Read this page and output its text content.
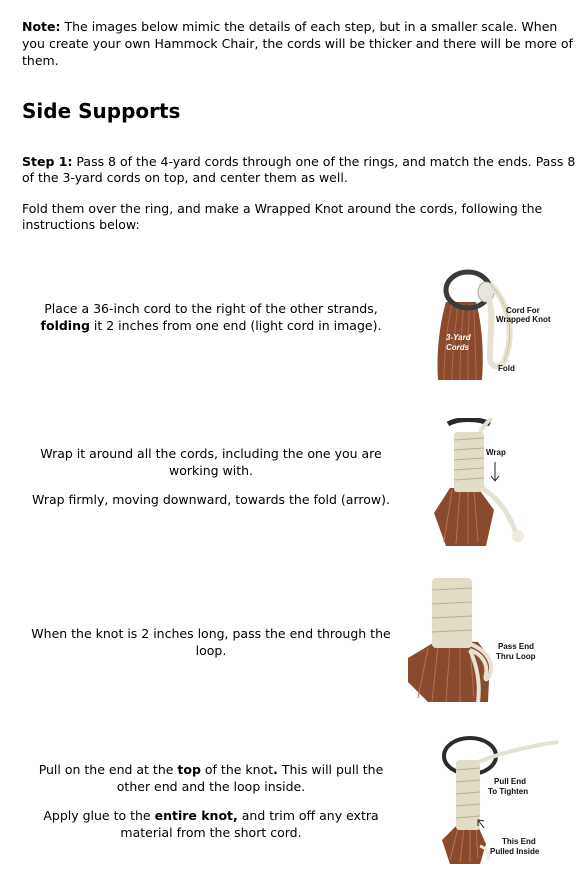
Note: The images below mimic the details of each step, but in a smaller scale. When you create your own Hammock Chair, the cords will be thicker and there will be more of them.

Side Supports

Step 1: Pass 8 of the 4-yard cords through one of the rings, and match the ends. Pass 8 of the 3-yard cords on top, and center them as well.

Fold them over the ring, and make a Wrapped Knot around the cords, following the instructions below:

Place a 36-inch cord to the right of the other strands, folding it 2 inches from one end (light cord in image).

3-Yard
Cords
Cord For
Wrapped Knot
Fold

Wrap it around all the cords, including the one you are working with.

Wrap firmly, moving downward, towards the fold (arrow).

Wrap

When the knot is 2 inches long, pass the end through the loop.	Pass End
Thru Loop

Pull on the end at the top of the knot. This will pull the other end and the loop inside.

Apply glue to the entire knot, and trim off any extra material from the short cord.

Pull End
To Tighten
This End
Pulled Inside
